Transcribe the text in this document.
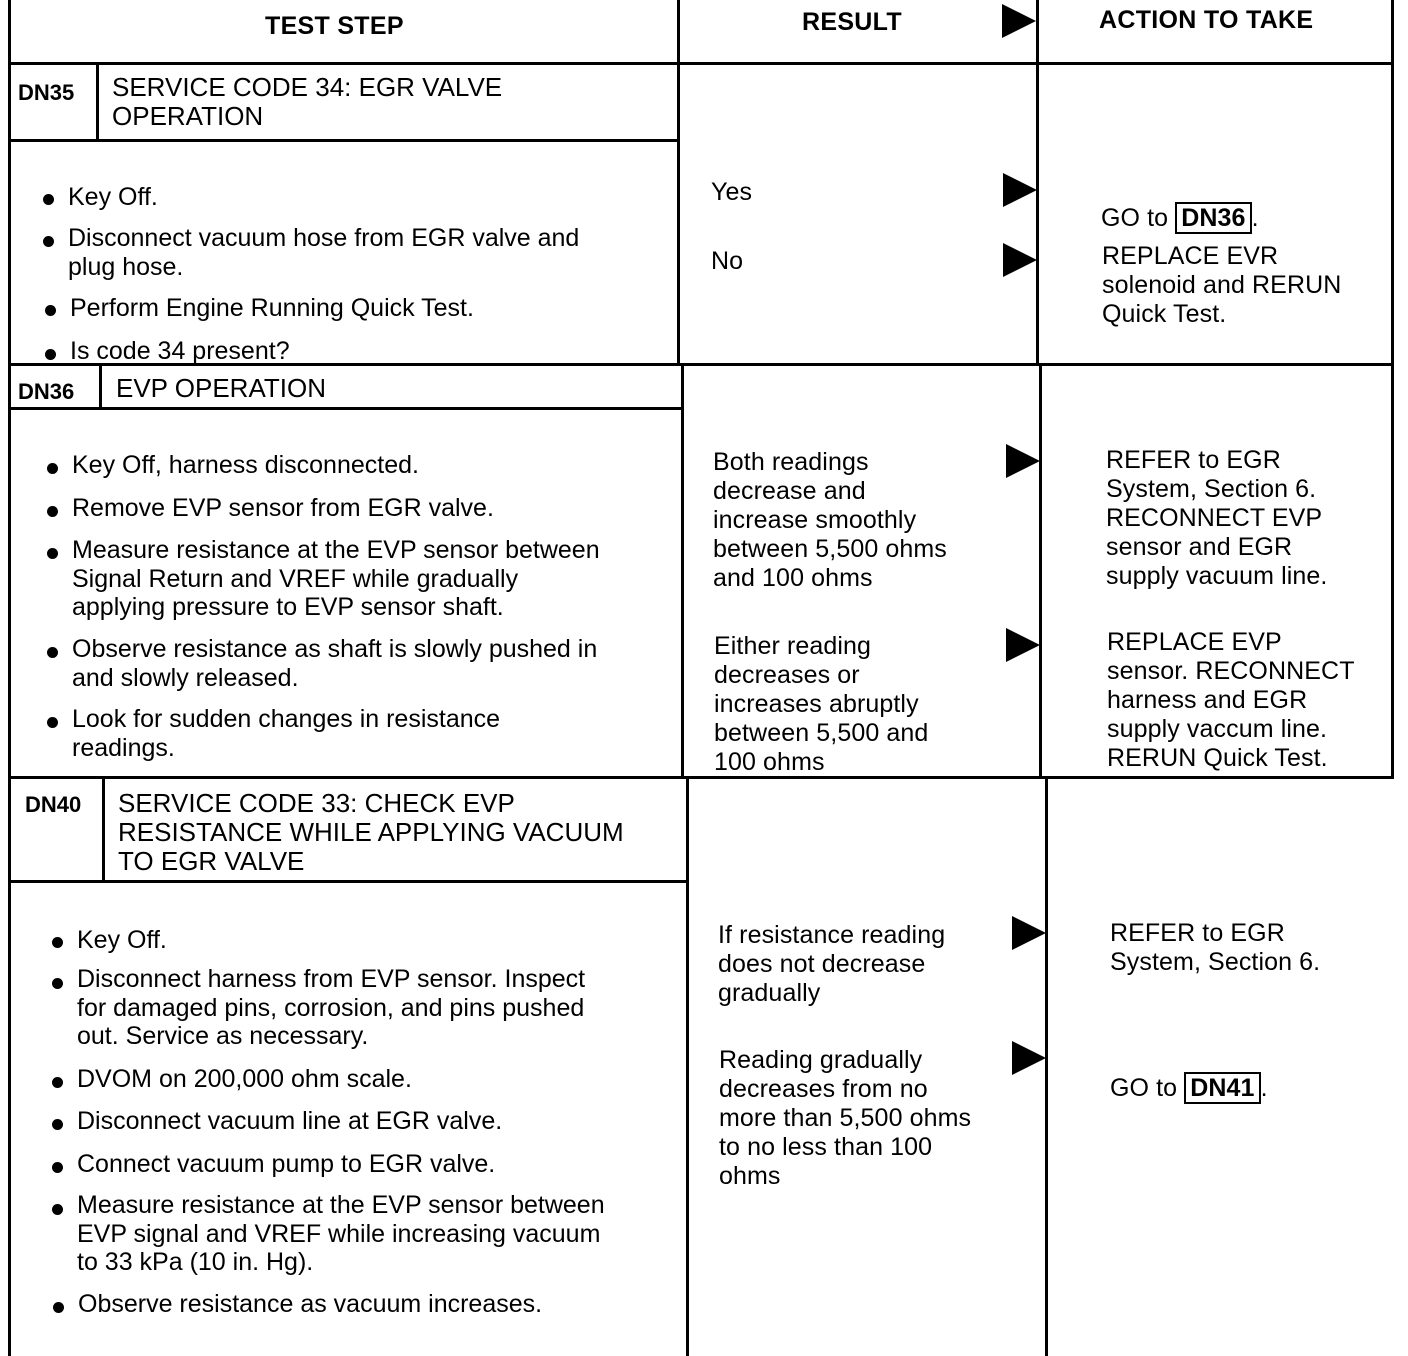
TEST STEP	RESULT	ACTION TO TAKE
DN35 SERVICE CODE 34: EGR VALVE
OPERATION
Key Off.
Disconnect vacuum hose from EGR valve and
plug hose.
Perform Engine Running Quick Test.
Is code 34 present?
Yes
No

GO to DN36 .

REPLACE EVR
solenoid and RERUN
Quick Test.
DN36 EVP OPERATION
Key Off, harness disconnected.
Remove EVP sensor from EGR valve.
Measure resistance at the EVP sensor between
Signal Return and VREF while gradually
applying pressure to EVP sensor shaft.
Observe resistance as shaft is slowly pushed in
and slowly released.
Look for sudden changes in resistance
readings.
Both readings
decrease and
increase smoothly
between 5,500 ohms
and 100 ohms
Either reading
decreases or
increases abruptly
between 5,500 and
100 ohms
REFER to EGR
System, Section 6.
RECONNECT EVP
sensor and EGR
supply vacuum line.
REPLACE EVP
sensor. RECONNECT
harness and EGR
supply vaccum line.
RERUN Quick Test.
DN40 SERVICE CODE 33: CHECK EVP
RESISTANCE WHILE APPLYING VACUUM
TO EGR VALVE
Key Off.
Disconnect harness from EVP sensor. Inspect
for damaged pins, corrosion, and pins pushed
out. Service as necessary.
DVOM on 200,000 ohm scale.
Disconnect vacuum line at EGR valve.
Connect vacuum pump to EGR valve.
Measure resistance at the EVP sensor between
EVP signal and VREF while increasing vacuum
to 33 kPa (10 in. Hg).
Observe resistance as vacuum increases.
If resistance reading
does not decrease
gradually
Reading gradually
decreases from no
more than 5,500 ohms
to no less than 100
ohms
REFER to EGR
System, Section 6.

GO to DN41 .
